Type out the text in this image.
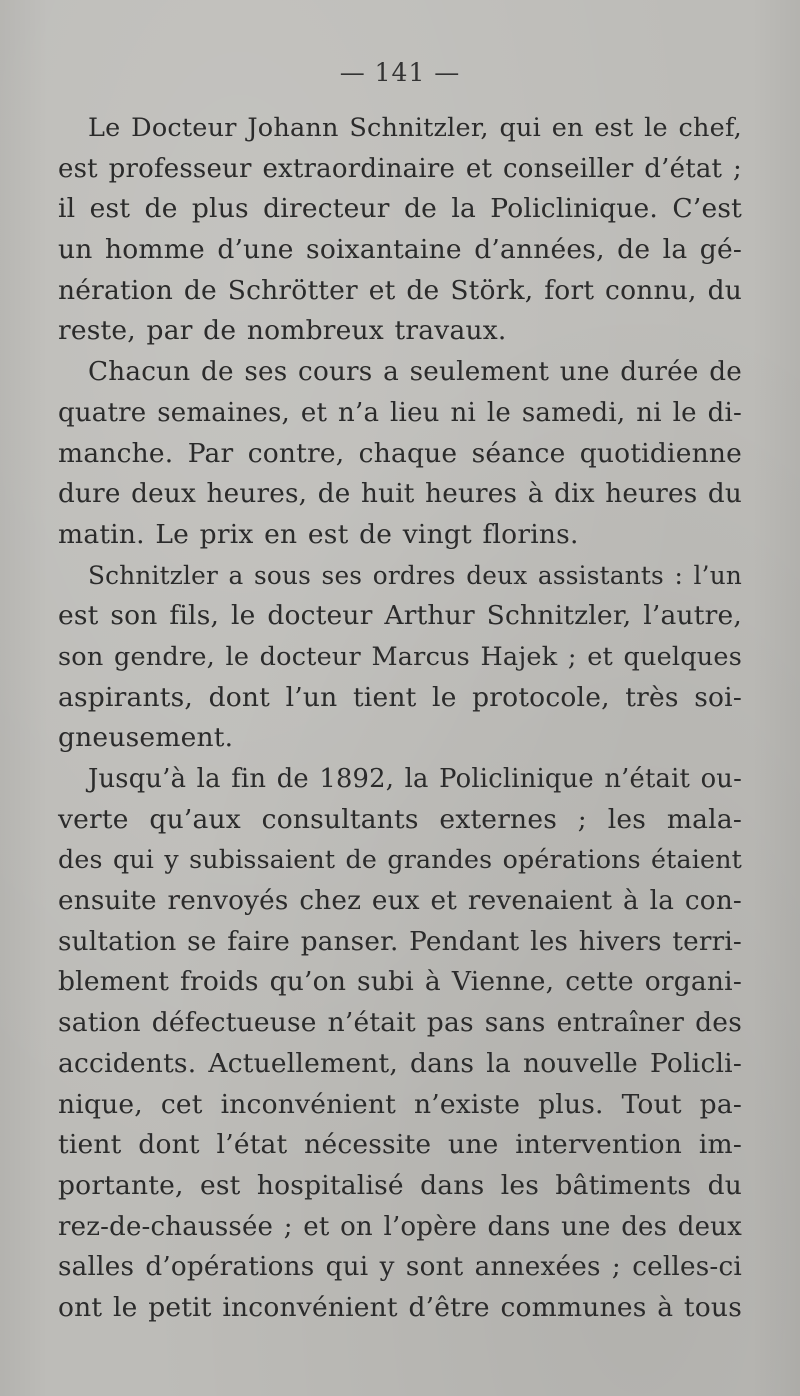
— 141 —
Le Docteur Johann Schnitzler, qui en est le chef,
est professeur extraordinaire et conseiller d’état ;
il est de plus directeur de la Policlinique. C’est
un homme d’une soixantaine d’années, de la gé-
nération de Schrötter et de Störk, fort connu, du
reste, par de nombreux travaux.
Chacun de ses cours a seulement une durée de
quatre semaines, et n’a lieu ni le samedi, ni le di-
manche. Par contre, chaque séance quotidienne
dure deux heures, de huit heures à dix heures du
matin. Le prix en est de vingt florins.
Schnitzler a sous ses ordres deux assistants : l’un
est son fils, le docteur Arthur Schnitzler, l’autre,
son gendre, le docteur Marcus Hajek ; et quelques
aspirants, dont l’un tient le protocole, très soi-
gneusement.
Jusqu’à la fin de 1892, la Policlinique n’était ou-
verte qu’aux consultants externes ; les mala-
des qui y subissaient de grandes opérations étaient
ensuite renvoyés chez eux et revenaient à la con-
sultation se faire panser. Pendant les hivers terri-
blement froids qu’on subi à Vienne, cette organi-
sation défectueuse n’était pas sans entraîner des
accidents. Actuellement, dans la nouvelle Policli-
nique, cet inconvénient n’existe plus. Tout pa-
tient dont l’état nécessite une intervention im-
portante, est hospitalisé dans les bâtiments du
rez-de-chaussée ; et on l’opère dans une des deux
salles d’opérations qui y sont annexées ; celles-ci
ont le petit inconvénient d’être communes à tous
